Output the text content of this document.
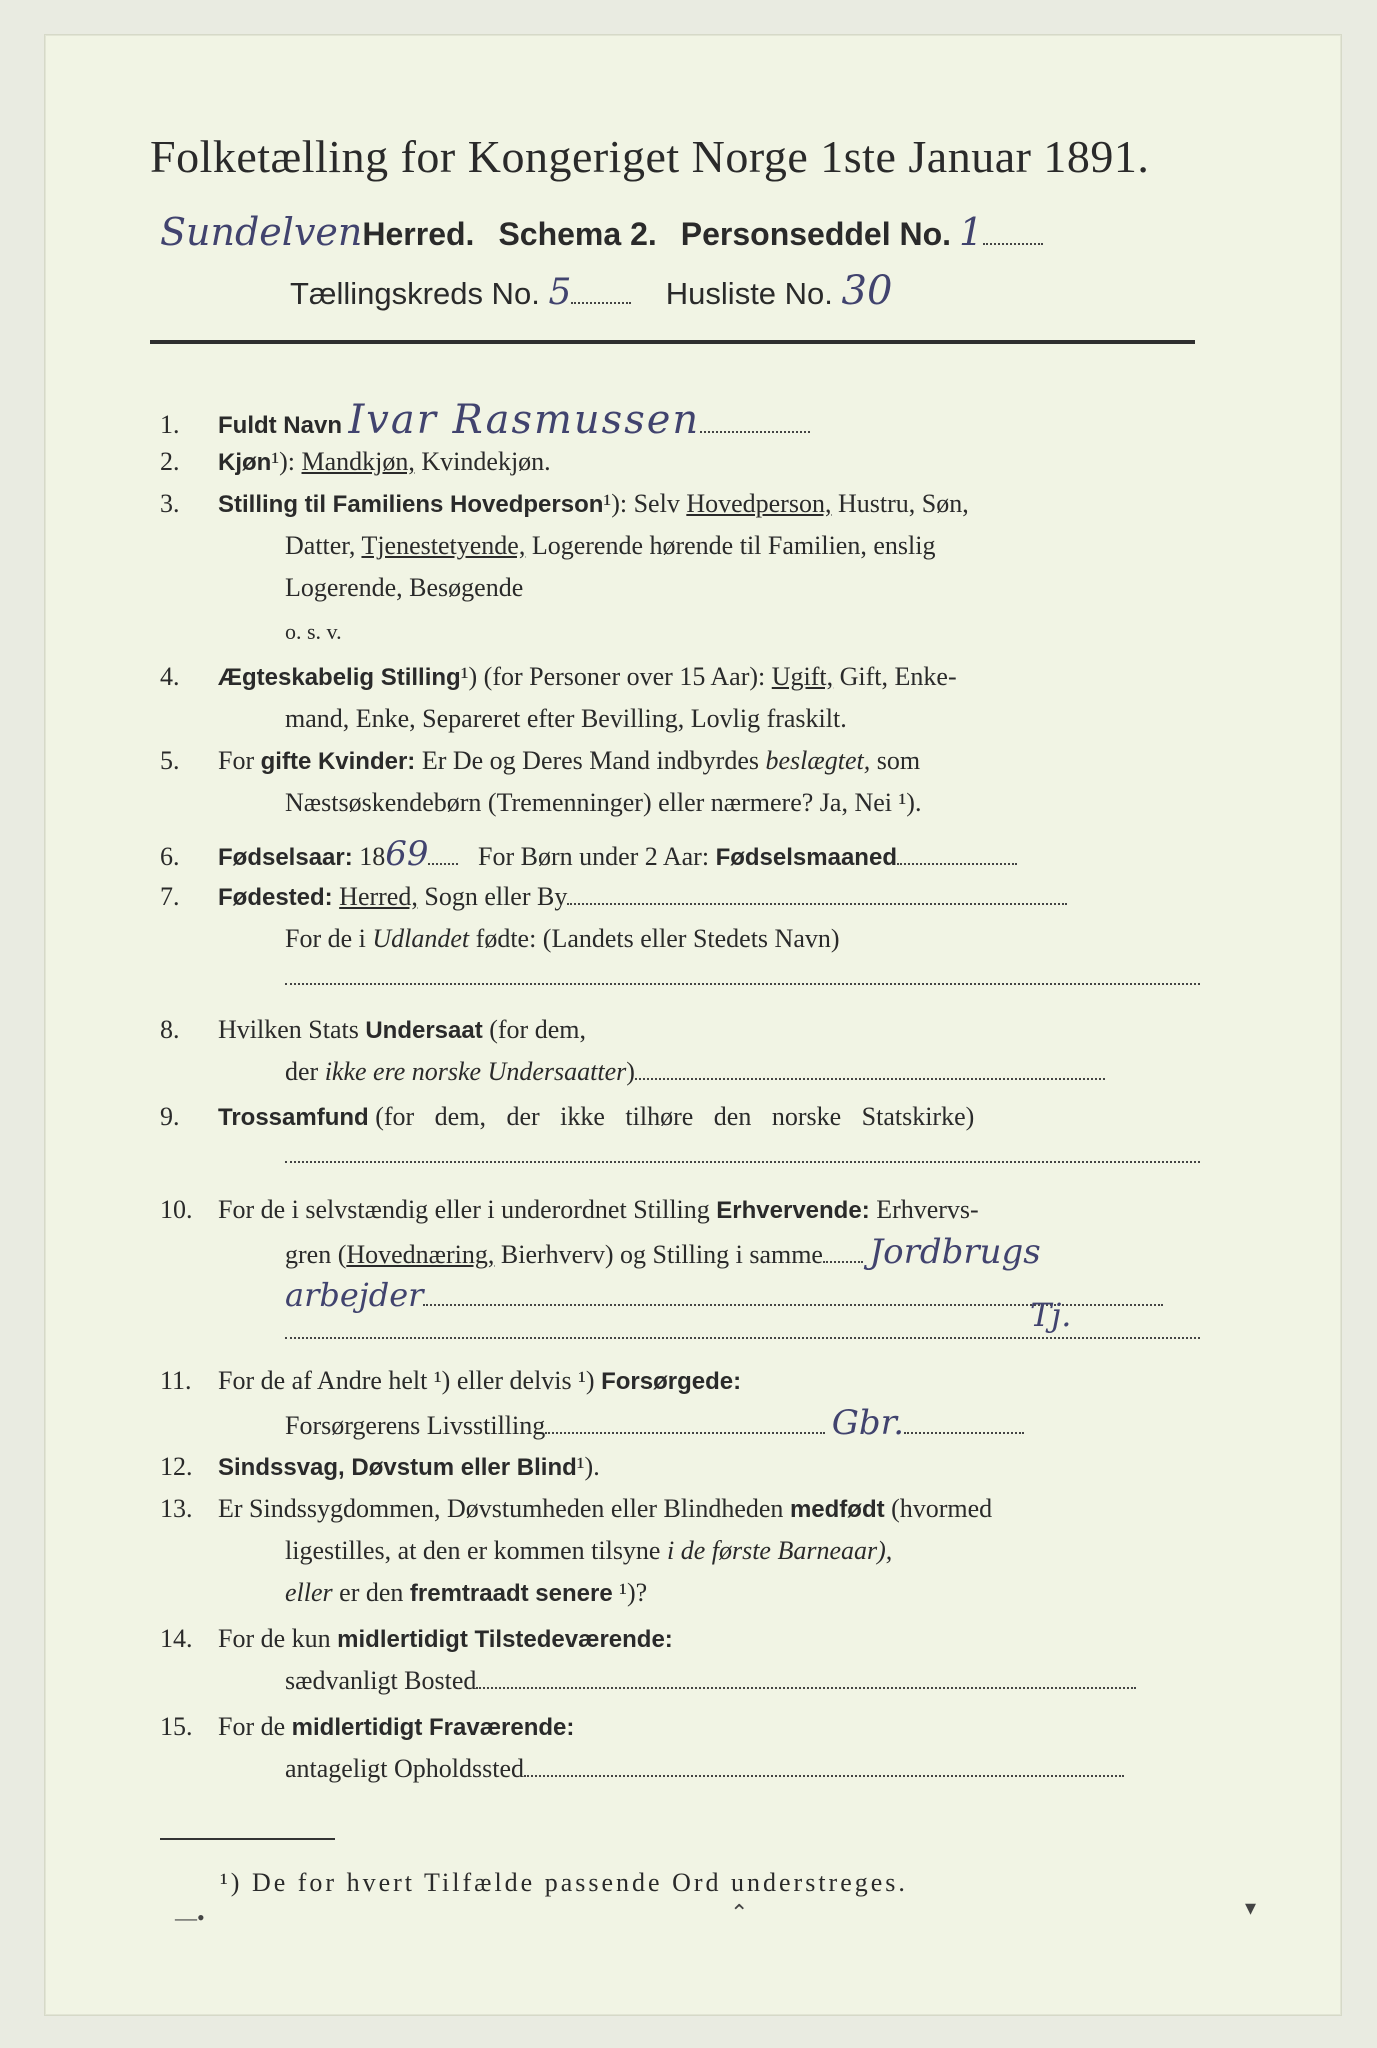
Folketælling for Kongeriget Norge 1ste Januar 1891.
SundelvenHerred. Schema 2. Personseddel No. 1
Tællingskreds No. 5	Husliste No. 30
1. Fuldt Navn Ivar Rasmussen
2. Kjøn¹): Mandkjøn, Kvindekjøn.
3. Stilling til Familiens Hovedperson¹): Selv Hovedperson, Hustru, Søn,
Datter, Tjenestetyende, Logerende hørende til Familien, enslig
Logerende, Besøgende
o. s. v.
4. Ægteskabelig Stilling¹) (for Personer over 15 Aar): Ugift, Gift, Enke-
mand, Enke, Separeret efter Bevilling, Lovlig fraskilt.
5. For gifte Kvinder: Er De og Deres Mand indbyrdes beslægtet, som
Næstsøskendebørn (Tremenninger) eller nærmere? Ja, Nei ¹).
6. Fødselsaar: 1869 For Børn under 2 Aar: Fødselsmaaned
7. Fødested: Herred, Sogn eller By
For de i Udlandet fødte: (Landets eller Stedets Navn)
8. Hvilken Stats Undersaat (for dem,
der ikke ere norske Undersaatter)
9. Trossamfund (for dem, der ikke tilhøre den norske Statskirke)
10. For de i selvstændig eller i underordnet Stilling Erhvervende: Erhvervs-
gren (Hovednæring, Bierhverv) og Stilling i samme Jordbrugs
arbejder
Tj.
11. For de af Andre helt ¹) eller delvis ¹) Forsørgede:
Forsørgerens Livsstilling	Gbr.
12. Sindssvag, Døvstum eller Blind¹).
13. Er Sindssygdommen, Døvstumheden eller Blindheden medfødt (hvormed
ligestilles, at den er kommen tilsyne i de første Barneaar),
eller er den fremtraadt senere ¹)?
14. For de kun midlertidigt Tilstedeværende:
sædvanligt Bosted
15. For de midlertidigt Fraværende:
antageligt Opholdssted
¹) De for hvert Tilfælde passende Ord understreges.
—•	⌃	▾
